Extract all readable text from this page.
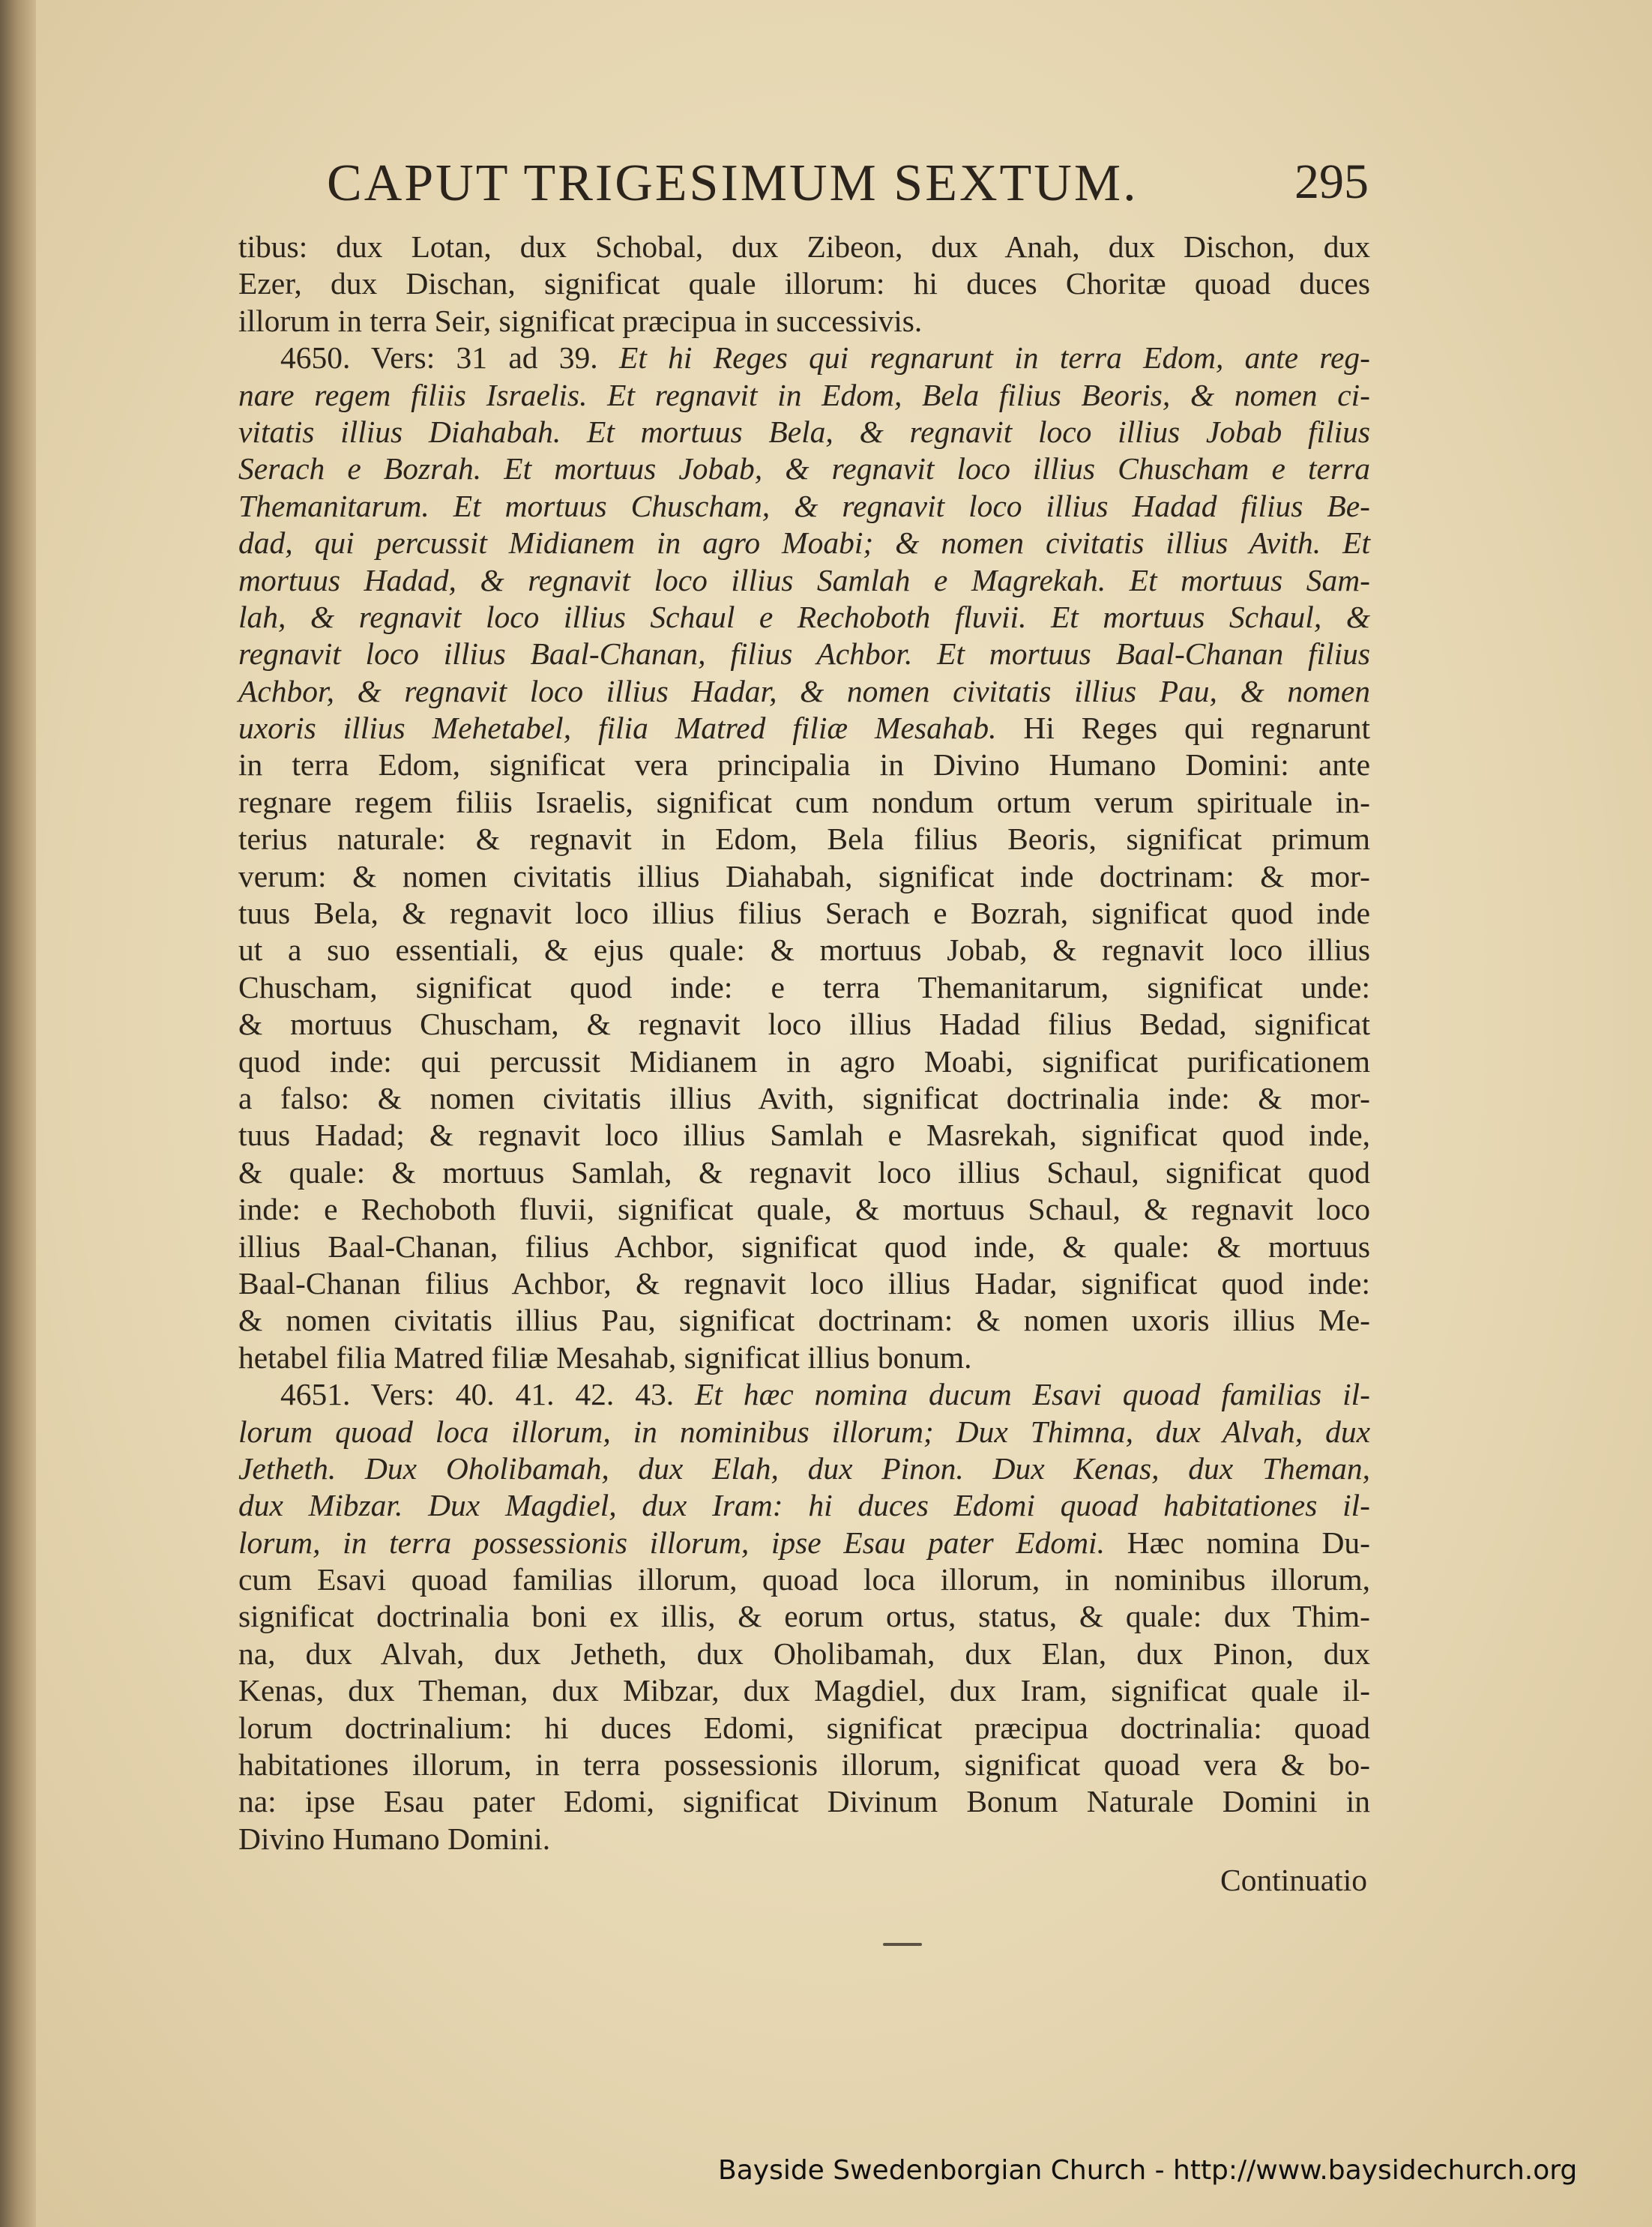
CAPUT TRIGESIMUM SEXTUM.	295
tibus: dux Lotan, dux Schobal, dux Zibeon, dux Anah, dux Dischon, dux
Ezer, dux Dischan, significat quale illorum: hi duces Choritæ quoad duces
illorum in terra Seir, significat præcipua in successivis.
4650. Vers: 31 ad 39. Et hi Reges qui regnarunt in terra Edom, ante reg-
nare regem filiis Israelis. Et regnavit in Edom, Bela filius Beoris, & nomen ci-
vitatis illius Diahabah. Et mortuus Bela, & regnavit loco illius Jobab filius
Serach e Bozrah. Et mortuus Jobab, & regnavit loco illius Chuscham e terra
Themanitarum. Et mortuus Chuscham, & regnavit loco illius Hadad filius Be-
dad, qui percussit Midianem in agro Moabi; & nomen civitatis illius Avith. Et
mortuus Hadad, & regnavit loco illius Samlah e Magrekah. Et mortuus Sam-
lah, & regnavit loco illius Schaul e Rechoboth fluvii. Et mortuus Schaul, &
regnavit loco illius Baal-Chanan, filius Achbor. Et mortuus Baal-Chanan filius
Achbor, & regnavit loco illius Hadar, & nomen civitatis illius Pau, & nomen
uxoris illius Mehetabel, filia Matred filiæ Mesahab. Hi Reges qui regnarunt
in terra Edom, significat vera principalia in Divino Humano Domini: ante
regnare regem filiis Israelis, significat cum nondum ortum verum spirituale in-
terius naturale: & regnavit in Edom, Bela filius Beoris, significat primum
verum: & nomen civitatis illius Diahabah, significat inde doctrinam: & mor-
tuus Bela, & regnavit loco illius filius Serach e Bozrah, significat quod inde
ut a suo essentiali, & ejus quale: & mortuus Jobab, & regnavit loco illius
Chuscham, significat quod inde: e terra Themanitarum, significat unde:
& mortuus Chuscham, & regnavit loco illius Hadad filius Bedad, significat
quod inde: qui percussit Midianem in agro Moabi, significat purificationem
a falso: & nomen civitatis illius Avith, significat doctrinalia inde: & mor-
tuus Hadad; & regnavit loco illius Samlah e Masrekah, significat quod inde,
& quale: & mortuus Samlah, & regnavit loco illius Schaul, significat quod
inde: e Rechoboth fluvii, significat quale, & mortuus Schaul, & regnavit loco
illius Baal-Chanan, filius Achbor, significat quod inde, & quale: & mortuus
Baal-Chanan filius Achbor, & regnavit loco illius Hadar, significat quod inde:
& nomen civitatis illius Pau, significat doctrinam: & nomen uxoris illius Me-
hetabel filia Matred filiæ Mesahab, significat illius bonum.
4651. Vers: 40. 41. 42. 43. Et hæc nomina ducum Esavi quoad familias il-
lorum quoad loca illorum, in nominibus illorum; Dux Thimna, dux Alvah, dux
Jetheth. Dux Oholibamah, dux Elah, dux Pinon. Dux Kenas, dux Theman,
dux Mibzar. Dux Magdiel, dux Iram: hi duces Edomi quoad habitationes il-
lorum, in terra possessionis illorum, ipse Esau pater Edomi. Hæc nomina Du-
cum Esavi quoad familias illorum, quoad loca illorum, in nominibus illorum,
significat doctrinalia boni ex illis, & eorum ortus, status, & quale: dux Thim-
na, dux Alvah, dux Jetheth, dux Oholibamah, dux Elan, dux Pinon, dux
Kenas, dux Theman, dux Mibzar, dux Magdiel, dux Iram, significat quale il-
lorum doctrinalium: hi duces Edomi, significat præcipua doctrinalia: quoad
habitationes illorum, in terra possessionis illorum, significat quoad vera & bo-
na: ipse Esau pater Edomi, significat Divinum Bonum Naturale Domini in
Divino Humano Domini.
Continuatio
Bayside Swedenborgian Church - http://www.baysidechurch.org
